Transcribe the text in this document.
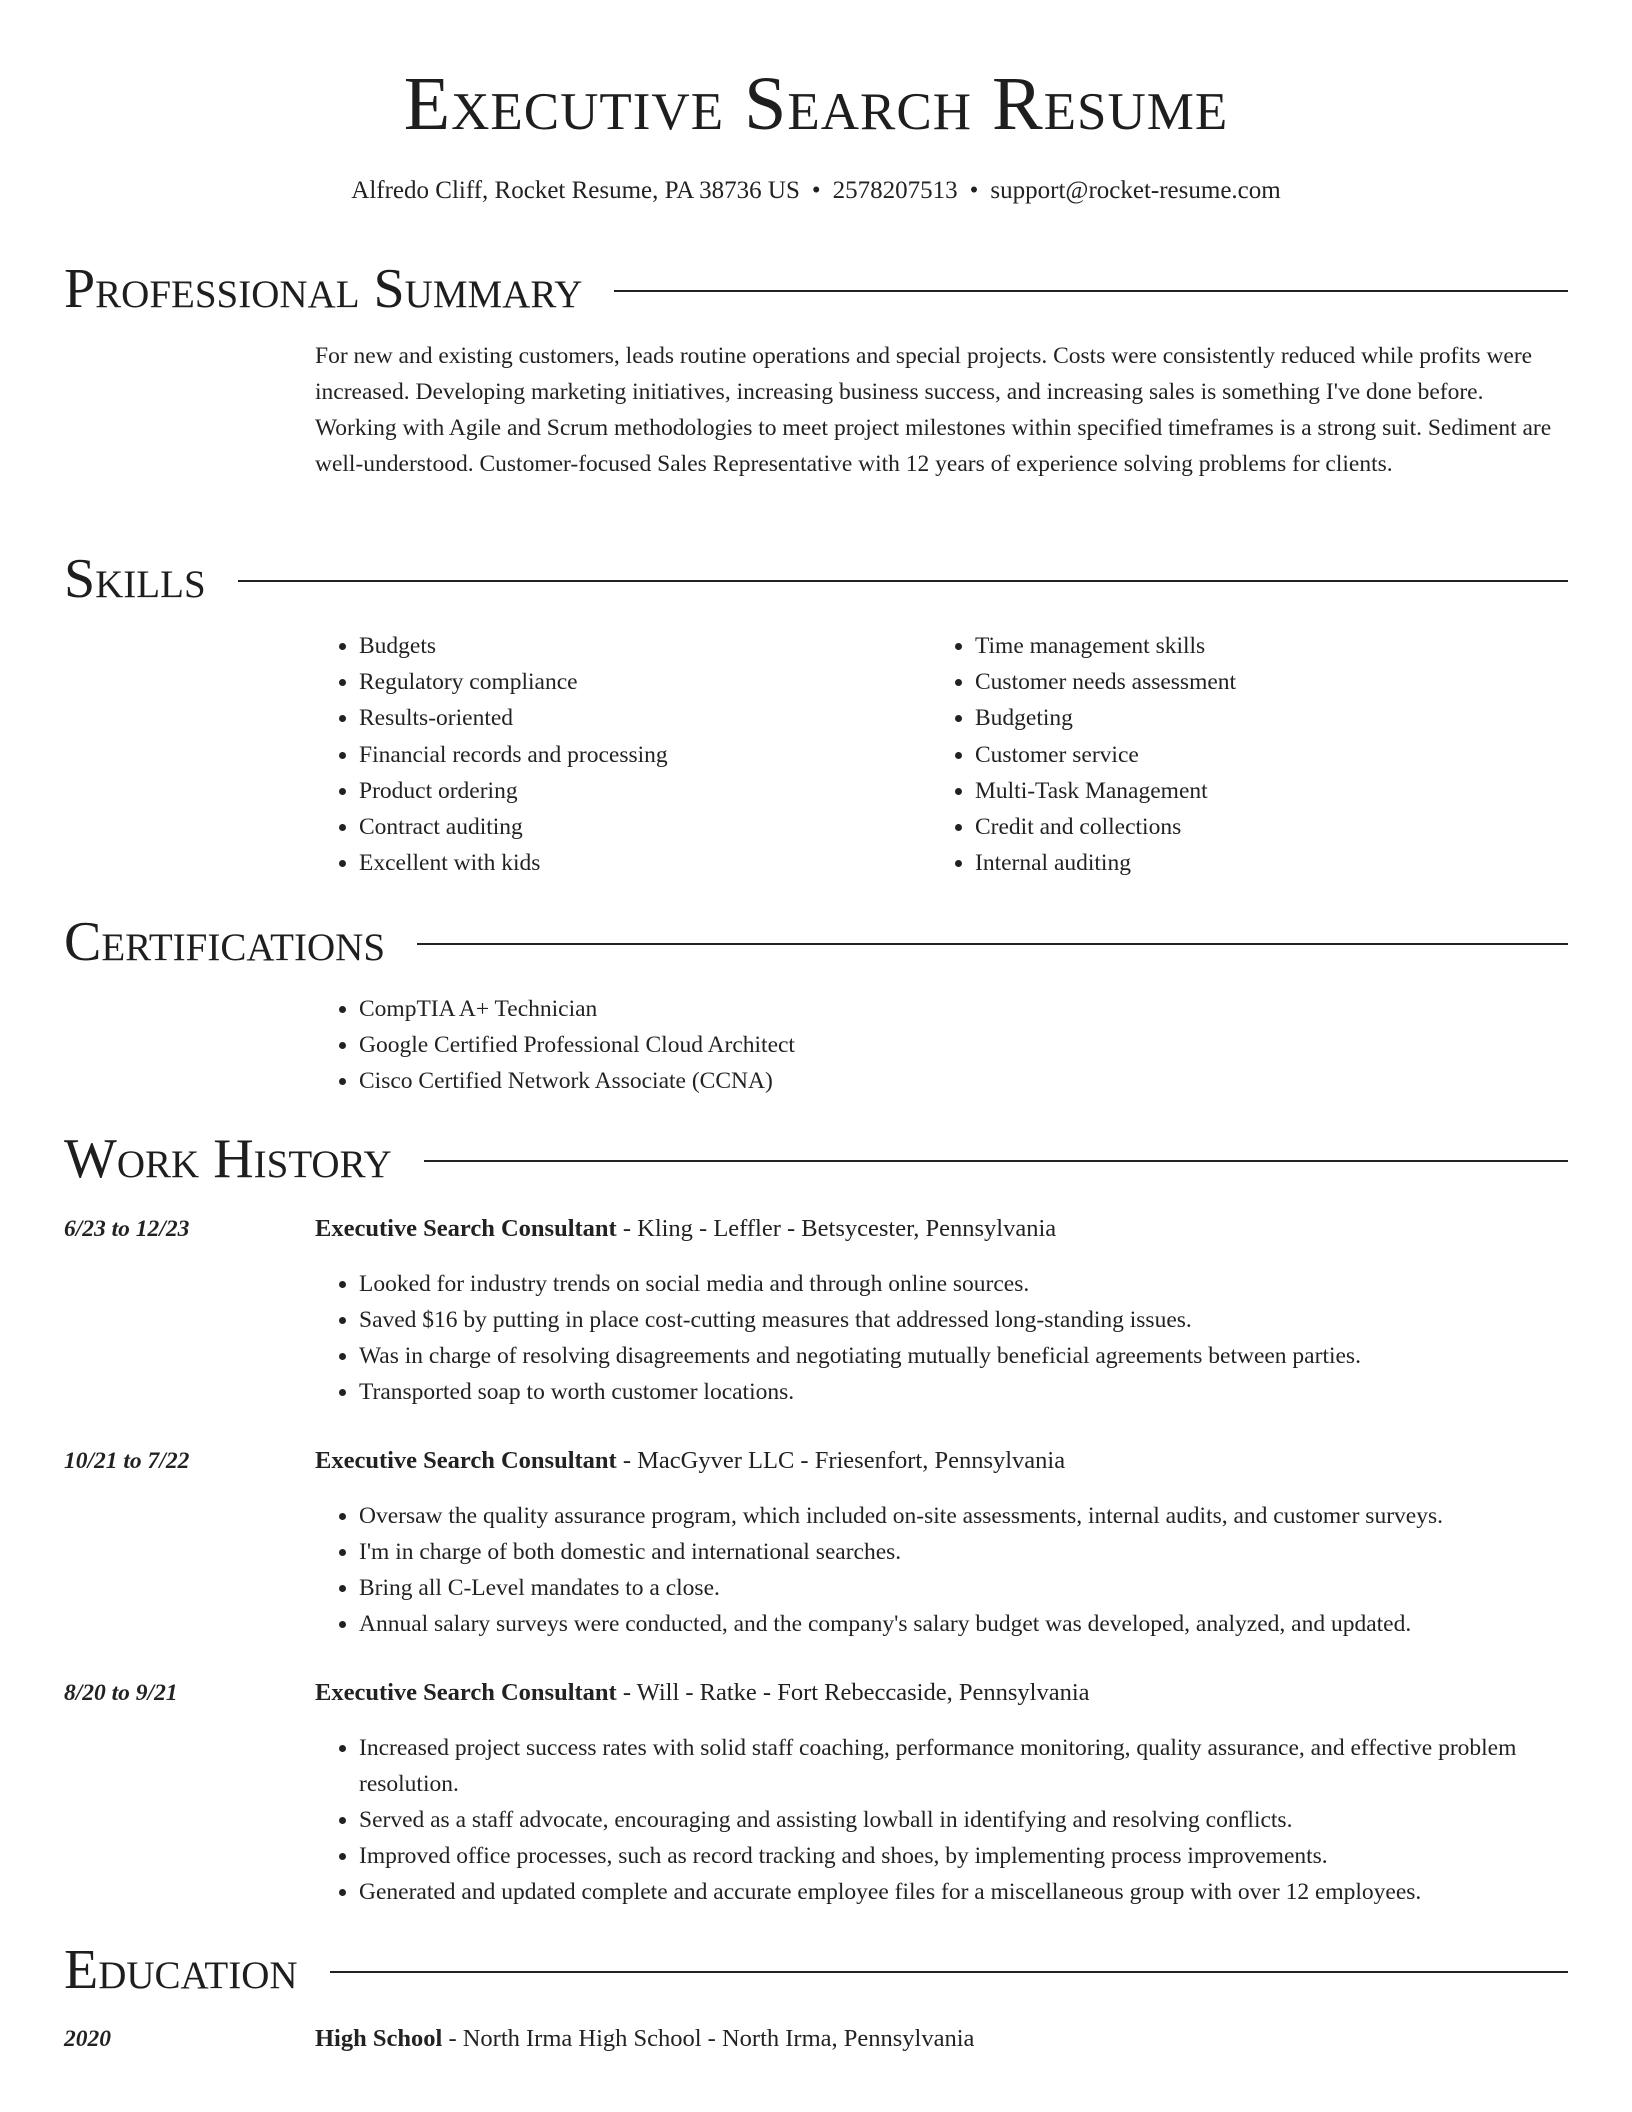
Executive Search Resume
Alfredo Cliff, Rocket Resume, PA 38736 US • 2578207513 • support@rocket-resume.com
Professional Summary
For new and existing customers, leads routine operations and special projects. Costs were consistently reduced while profits were increased. Developing marketing initiatives, increasing business success, and increasing sales is something I've done before. Working with Agile and Scrum methodologies to meet project milestones within specified timeframes is a strong suit. Sediment are well-understood. Customer-focused Sales Representative with 12 years of experience solving problems for clients.
Skills
• Budgets
• Regulatory compliance
• Results-oriented
• Financial records and processing
• Product ordering
• Contract auditing
• Excellent with kids
• Time management skills
• Customer needs assessment
• Budgeting
• Customer service
• Multi-Task Management
• Credit and collections
• Internal auditing
Certifications
• CompTIA A+ Technician
• Google Certified Professional Cloud Architect
• Cisco Certified Network Associate (CCNA)
Work History
6/23 to 12/23	Executive Search Consultant - Kling - Leffler - Betsycester, Pennsylvania
• Looked for industry trends on social media and through online sources.
• Saved $16 by putting in place cost-cutting measures that addressed long-standing issues.
• Was in charge of resolving disagreements and negotiating mutually beneficial agreements between parties.
• Transported soap to worth customer locations.
10/21 to 7/22	Executive Search Consultant - MacGyver LLC - Friesenfort, Pennsylvania
• Oversaw the quality assurance program, which included on-site assessments, internal audits, and customer surveys.
• I'm in charge of both domestic and international searches.
• Bring all C-Level mandates to a close.
• Annual salary surveys were conducted, and the company's salary budget was developed, analyzed, and updated.
8/20 to 9/21	Executive Search Consultant - Will - Ratke - Fort Rebeccaside, Pennsylvania
• Increased project success rates with solid staff coaching, performance monitoring, quality assurance, and effective problem resolution.
• Served as a staff advocate, encouraging and assisting lowball in identifying and resolving conflicts.
• Improved office processes, such as record tracking and shoes, by implementing process improvements.
• Generated and updated complete and accurate employee files for a miscellaneous group with over 12 employees.
Education
2020	High School - North Irma High School - North Irma, Pennsylvania
